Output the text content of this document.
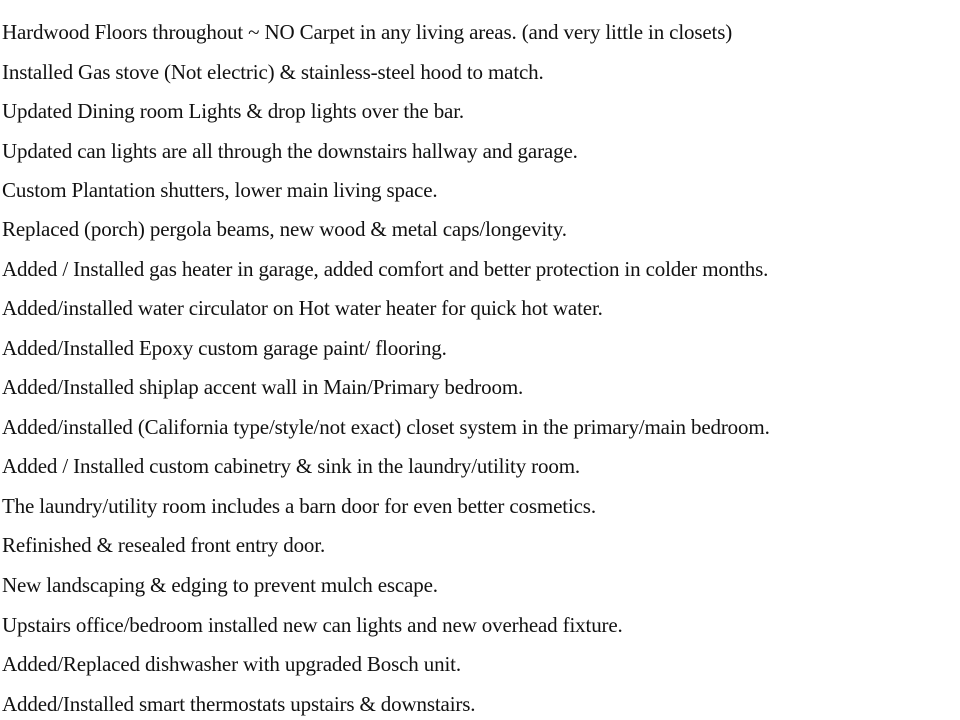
Hardwood Floors throughout ~ NO Carpet in any living areas. (and very little in closets)
Installed Gas stove (Not electric) & stainless-steel hood to match.
Updated Dining room Lights & drop lights over the bar.
Updated can lights are all through the downstairs hallway and garage.
Custom Plantation shutters, lower main living space.
Replaced (porch) pergola beams, new wood & metal caps/longevity.
Added / Installed gas heater in garage, added comfort and better protection in colder months.
Added/installed water circulator on Hot water heater for quick hot water.
Added/Installed Epoxy custom garage paint/ flooring.
Added/Installed shiplap accent wall in Main/Primary bedroom.
Added/installed (California type/style/not exact) closet system in the primary/main bedroom.
Added / Installed custom cabinetry & sink in the laundry/utility room.
The laundry/utility room includes a barn door for even better cosmetics.
Refinished & resealed front entry door.
New landscaping & edging to prevent mulch escape.
Upstairs office/bedroom installed new can lights and new overhead fixture.
Added/Replaced dishwasher with upgraded Bosch unit.
Added/Installed smart thermostats upstairs & downstairs.
